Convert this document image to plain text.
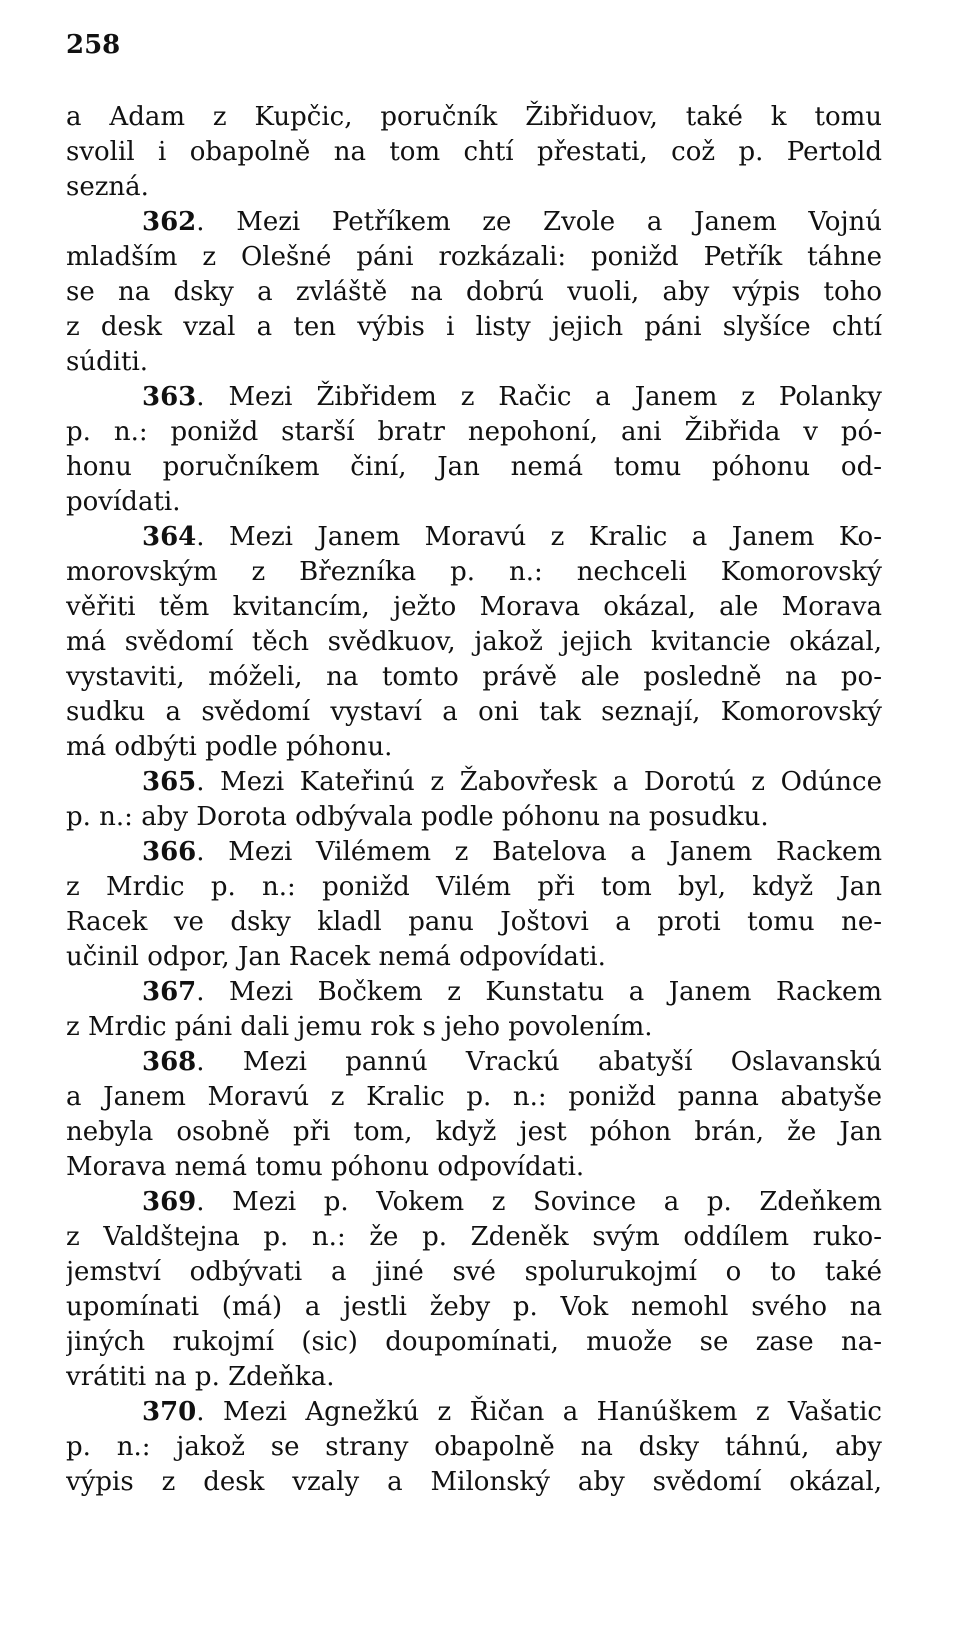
258
a Adam z Kupčic, poručník Žibřiduov, také k tomu
svolil i obapolně na tom chtí přestati, což p. Pertold
sezná.
362. Mezi Petříkem ze Zvole a Janem Vojnú
mladším z Olešné páni rozkázali: ponižd Petřík táhne
se na dsky a zvláště na dobrú vuoli, aby výpis toho
z desk vzal a ten výbis i listy jejich páni slyšíce chtí
súditi.
363. Mezi Žibřidem z Račic a Janem z Polanky
p. n.: ponižd starší bratr nepohoní, ani Žibřida v pó-
honu poručníkem činí, Jan nemá tomu póhonu od-
povídati.
364. Mezi Janem Moravú z Kralic a Janem Ko-
morovským z Březníka p. n.: nechceli Komorovský
věřiti těm kvitancím, ježto Morava okázal, ale Morava
má svědomí těch svědkuov, jakož jejich kvitancie okázal,
vystaviti, móželi, na tomto právě ale posledně na po-
sudku a svědomí vystaví a oni tak seznají, Komorovský
má odbýti podle póhonu.
365. Mezi Kateřinú z Žabovřesk a Dorotú z Odúnce
p. n.: aby Dorota odbývala podle póhonu na posudku.
366. Mezi Vilémem z Batelova a Janem Rackem
z Mrdic p. n.: ponižd Vilém při tom byl, když Jan
Racek ve dsky kladl panu Joštovi a proti tomu ne-
učinil odpor, Jan Racek nemá odpovídati.
367. Mezi Bočkem z Kunstatu a Janem Rackem
z Mrdic páni dali jemu rok s jeho povolením.
368. Mezi pannú Vrackú abatyší Oslavanskú
a Janem Moravú z Kralic p. n.: ponižd panna abatyše
nebyla osobně při tom, když jest póhon brán, že Jan
Morava nemá tomu póhonu odpovídati.
369. Mezi p. Vokem z Sovince a p. Zdeňkem
z Valdštejna p. n.: že p. Zdeněk svým oddílem ruko-
jemství odbývati a jiné své spolurukojmí o to také
upomínati (má) a jestli žeby p. Vok nemohl svého na
jiných rukojmí (sic) doupomínati, muože se zase na-
vrátiti na p. Zdeňka.
370. Mezi Agnežkú z Řičan a Hanúškem z Vašatic
p. n.: jakož se strany obapolně na dsky táhnú, aby
výpis z desk vzaly a Milonský aby svědomí okázal,
